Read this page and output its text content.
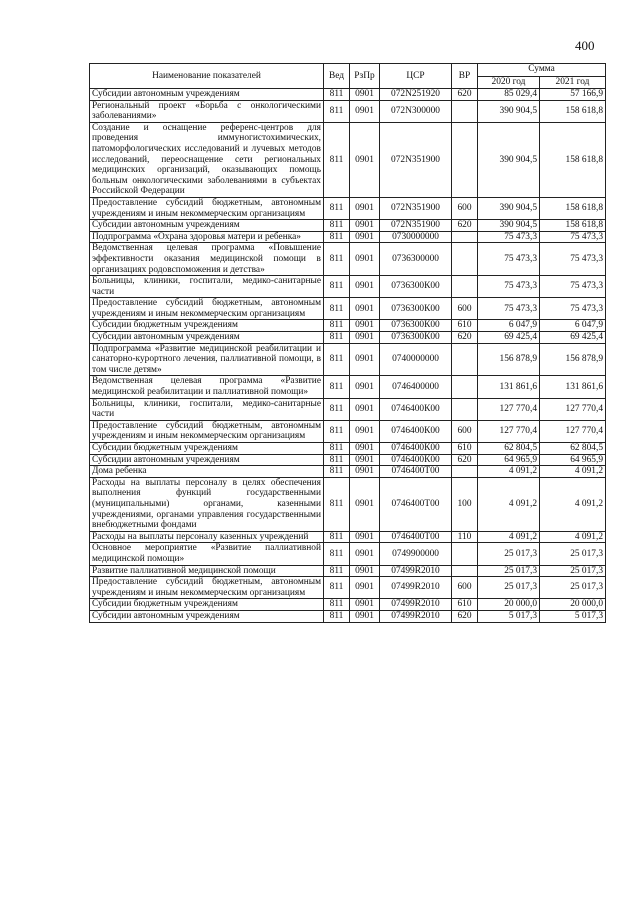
400
Наименование показателей	Вед	РзПр	ЦСР	ВР	Сумма	
					2020 год	2021 год
Субсидии автономным учреждениям	811	0901	072N251920	620	85 029,4	57 166,9
Региональный проект «Борьба с онкологическими заболеваниями»	811	0901	072N300000		390 904,5	158 618,8
Создание и оснащение референс-центров для проведения иммуногистохимических, патоморфологических исследований и лучевых методов исследований, переоснащение сети региональных медицинских организаций, оказывающих помощь больным онкологическими заболеваниями в субъектах Российской Федерации	811	0901	072N351900		390 904,5	158 618,8
Предоставление субсидий бюджетным, автономным учреждениям и иным некоммерческим организациям	811	0901	072N351900	600	390 904,5	158 618,8
Субсидии автономным учреждениям	811	0901	072N351900	620	390 904,5	158 618,8
Подпрограмма «Охрана здоровья матери и ребенка»	811	0901	0730000000		75 473,3	75 473,3
Ведомственная целевая программа «Повышение эффективности оказания медицинской помощи в организациях родовспоможения и детства»	811	0901	0736300000		75 473,3	75 473,3
Больницы, клиники, госпитали, медико-санитарные части	811	0901	0736300К00		75 473,3	75 473,3
Предоставление субсидий бюджетным, автономным учреждениям и иным некоммерческим организациям	811	0901	0736300К00	600	75 473,3	75 473,3
Субсидии бюджетным учреждениям	811	0901	0736300К00	610	6 047,9	6 047,9
Субсидии автономным учреждениям	811	0901	0736300К00	620	69 425,4	69 425,4
Подпрограмма «Развитие медицинской реабилитации и санаторно-курортного лечения, паллиативной помощи, в том числе детям»	811	0901	0740000000		156 878,9	156 878,9
Ведомственная целевая программа «Развитие медицинской реабилитации и паллиативной помощи»	811	0901	0746400000		131 861,6	131 861,6
Больницы, клиники, госпитали, медико-санитарные части	811	0901	0746400К00		127 770,4	127 770,4
Предоставление субсидий бюджетным, автономным учреждениям и иным некоммерческим организациям	811	0901	0746400К00	600	127 770,4	127 770,4
Субсидии бюджетным учреждениям	811	0901	0746400К00	610	62 804,5	62 804,5
Субсидии автономным учреждениям	811	0901	0746400К00	620	64 965,9	64 965,9
Дома ребенка	811	0901	0746400Т00		4 091,2	4 091,2
Расходы на выплаты персоналу в целях обеспечения выполнения функций государственными (муниципальными) органами, казенными учреждениями, органами управления государственными внебюджетными фондами	811	0901	0746400Т00	100	4 091,2	4 091,2
Расходы на выплаты персоналу казенных учреждений	811	0901	0746400Т00	110	4 091,2	4 091,2
Основное мероприятие «Развитие паллиативной медицинской помощи»	811	0901	0749900000		25 017,3	25 017,3
Развитие паллиативной медицинской помощи	811	0901	07499R2010		25 017,3	25 017,3
Предоставление субсидий бюджетным, автономным учреждениям и иным некоммерческим организациям	811	0901	07499R2010	600	25 017,3	25 017,3
Субсидии бюджетным учреждениям	811	0901	07499R2010	610	20 000,0	20 000,0
Субсидии автономным учреждениям	811	0901	07499R2010	620	5 017,3	5 017,3
